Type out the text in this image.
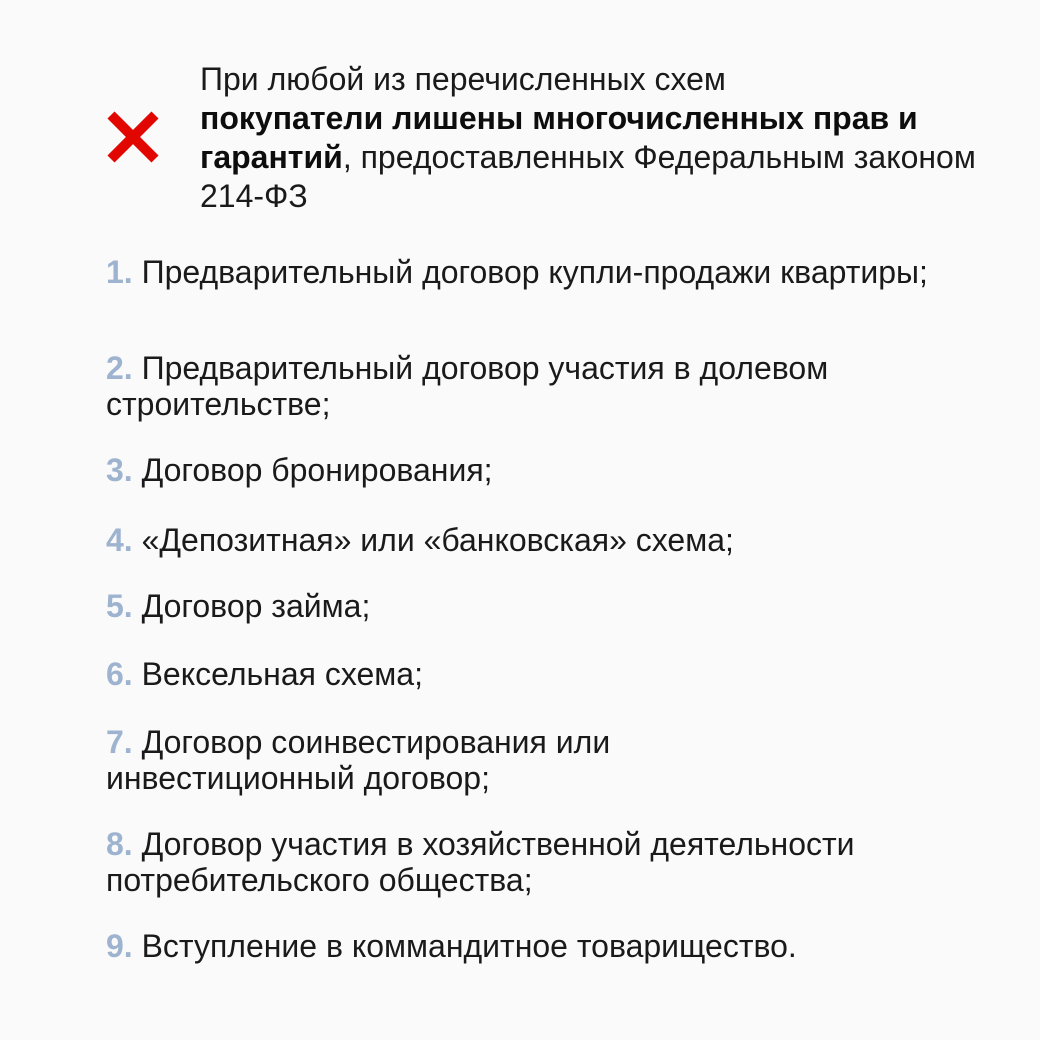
При любой из перечисленных схем
покупатели лишены многочисленных прав и гарантий, предоставленных Федеральным законом 214-ФЗ
1. Предварительный договор купли-продажи квартиры;
2. Предварительный договор участия в долевом строительстве;
3. Договор бронирования;
4. «Депозитная» или «банковская» схема;
5. Договор займа;
6. Вексельная схема;
7. Договор соинвестирования или инвестиционный договор;
8. Договор участия в хозяйственной деятельности потребительского общества;
9. Вступление в коммандитное товарищество.
